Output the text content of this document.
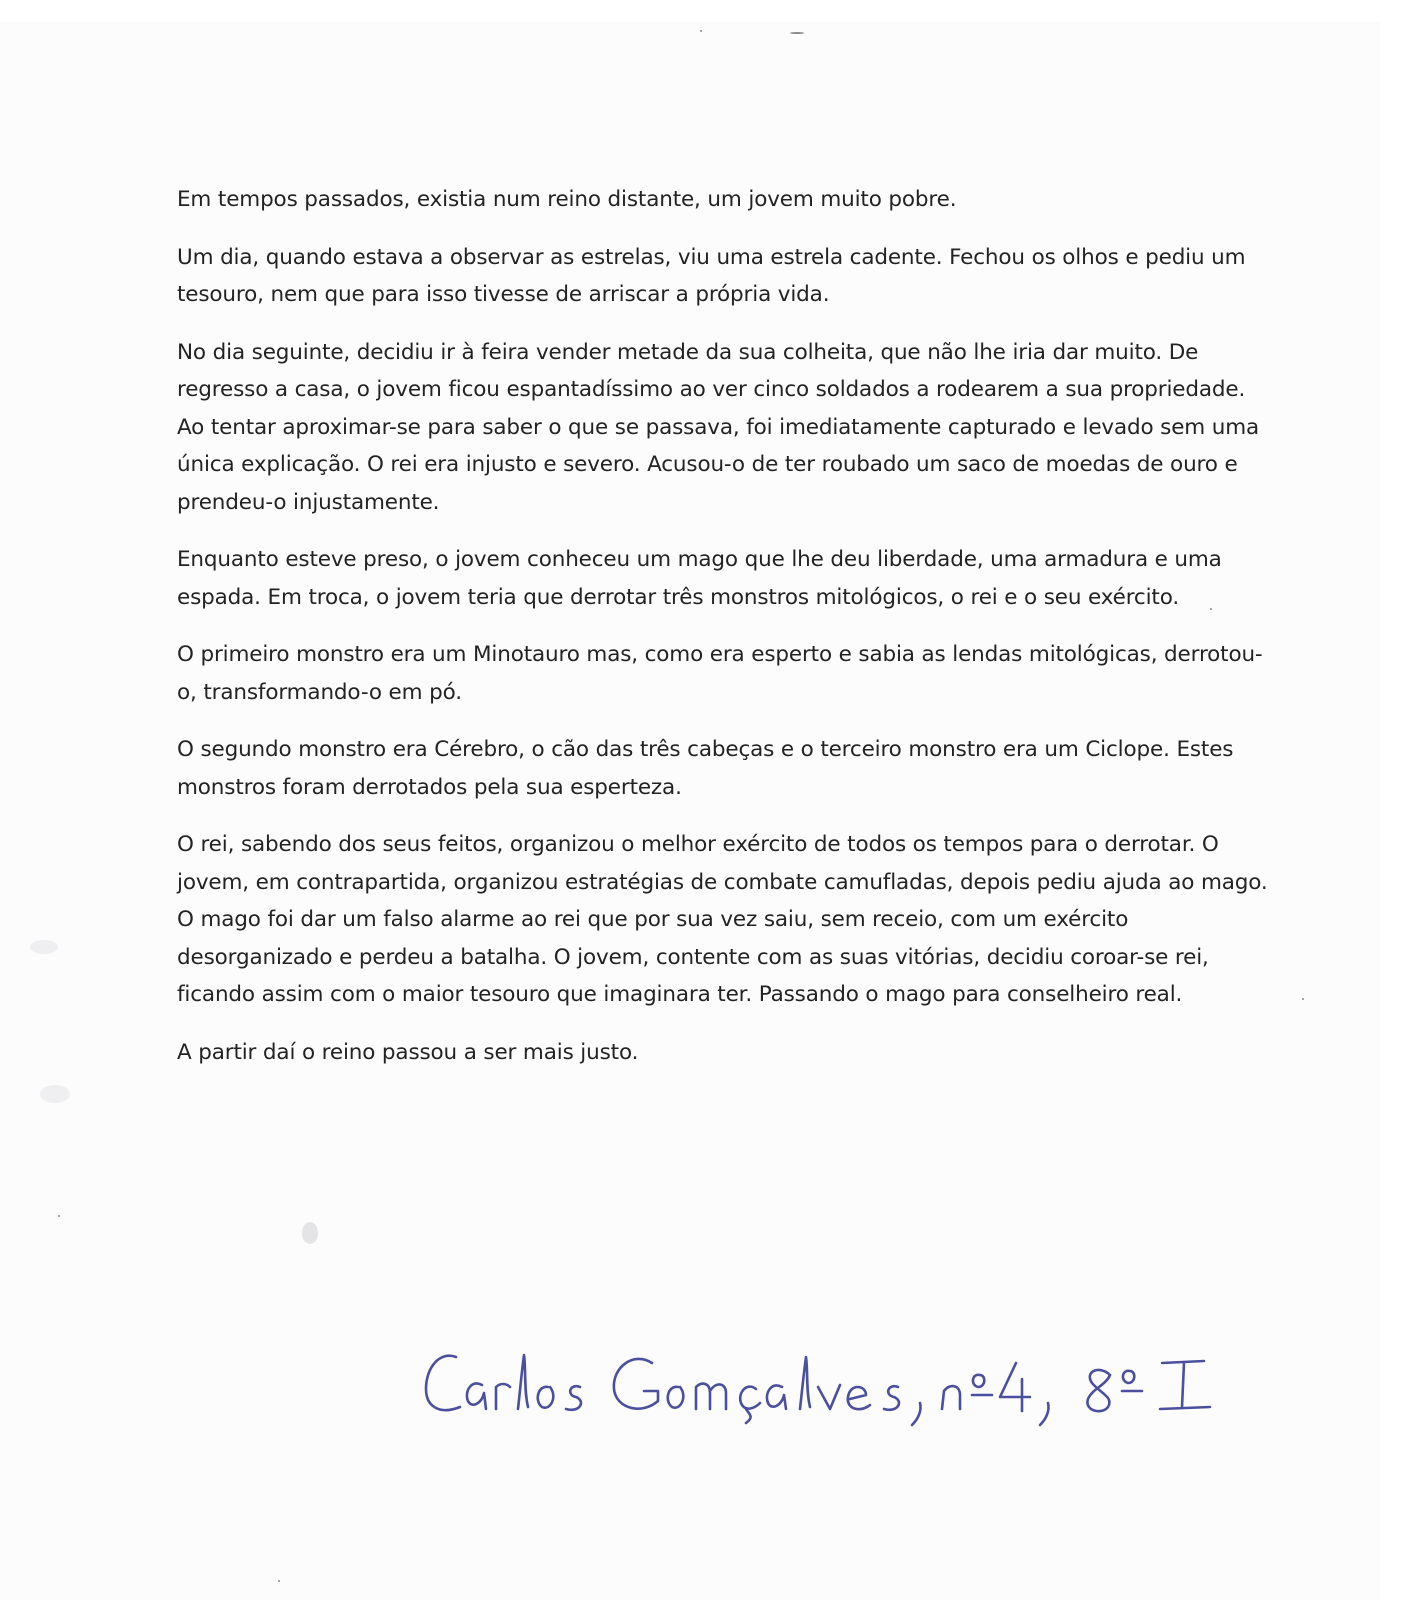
Em tempos passados, existia num reino distante, um jovem muito pobre.

Um dia, quando estava a observar as estrelas, viu uma estrela cadente. Fechou os olhos e pediu um tesouro, nem que para isso tivesse de arriscar a própria vida.

No dia seguinte, decidiu ir à feira vender metade da sua colheita, que não lhe iria dar muito. De regresso a casa, o jovem ficou espantadíssimo ao ver cinco soldados a rodearem a sua propriedade. Ao tentar aproximar-se para saber o que se passava, foi imediatamente capturado e levado sem uma única explicação. O rei era injusto e severo. Acusou-o de ter roubado um saco de moedas de ouro e prendeu-o injustamente.

Enquanto esteve preso, o jovem conheceu um mago que lhe deu liberdade, uma armadura e uma espada. Em troca, o jovem teria que derrotar três monstros mitológicos, o rei e o seu exército.

O primeiro monstro era um Minotauro mas, como era esperto e sabia as lendas mitológicas, derrotou-o, transformando-o em pó.

O segundo monstro era Cérebro, o cão das três cabeças e o terceiro monstro era um Ciclope. Estes monstros foram derrotados pela sua esperteza.

O rei, sabendo dos seus feitos, organizou o melhor exército de todos os tempos para o derrotar. O jovem, em contrapartida, organizou estratégias de combate camufladas, depois pediu ajuda ao mago. O mago foi dar um falso alarme ao rei que por sua vez saiu, sem receio, com um exército desorganizado e perdeu a batalha. O jovem, contente com as suas vitórias, decidiu coroar-se rei, ficando assim com o maior tesouro que imaginara ter. Passando o mago para conselheiro real.

A partir daí o reino passou a ser mais justo.
